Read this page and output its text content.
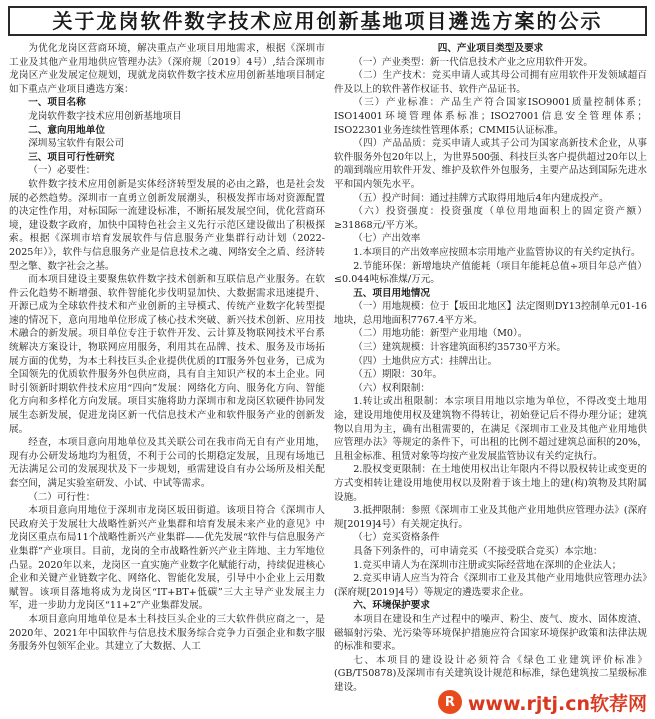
关于龙岗软件数字技术应用创新基地项目遴选方案的公示

为优化龙岗区营商环境，解决重点产业项目用地需求，根据《深圳市工业及其他产业用地供应管理办法》（深府规〔2019〕4号）,结合深圳市龙岗区产业发展定位规划，现就龙岗软件数字技术应用创新基地项目制定如下重点产业项目遴选方案：

一、项目名称

龙岗软件数字技术应用创新基地项目

二、意向用地单位

深圳易宝软件有限公司

三、项目可行性研究

（一）必要性：

软件数字技术应用创新是实体经济转型发展的必由之路，也是社会发展的必然趋势。深圳市一直勇立创新发展潮头，积极发挥市场对资源配置的决定性作用，对标国际一流建设标准，不断拓展发展空间，优化营商环境，建设数字政府，加快中国特色社会主义先行示范区建设做出了积极探索。根据《深圳市培育发展软件与信息服务产业集群行动计划（2022-2025年）》，软件与信息服务产业是信息技术之魂、网络安全之盾、经济转型之擎、数字社会之基。

而本项目建设主要聚焦软件数字技术创新和互联信息产业服务。在软件云化趋势不断增强、软件智能化步伐明显加快、大数据需求迅速提升、开源已成为全球软件技术和产业创新的主导模式、传统产业数字化转型提速的情况下，意向用地单位形成了核心技术突破、新兴技术创新、应用技术融合的新发展。项目单位专注于软件开发、云计算及物联网技术平台系统解决方案设计，物联网应用服务，利用其在品牌、技术、服务及市场拓展方面的优势，为本土科技巨头企业提供优质的IT服务外包业务，已成为全国领先的优质软件服务外包供应商，具有自主知识产权的本土企业。同时引领新时期软件技术应用“四向”发展：网络化方向、服务化方向、智能化方向和多样化方向发展。项目实施将助力深圳市和龙岗区软硬件协同发展生态新发展，促进龙岗区新一代信息技术产业和软件服务产业的创新发展。

经查，本项目意向用地单位及其关联公司在我市尚无自有产业用地，现有办公研发场地均为租赁，不利于公司的长期稳定发展，且现有场地已无法满足公司的发展现状及下一步规划，亟需建设自有办公场所及相关配套空间，满足实验室研发、小试、中试等需求。

（二）可行性：

本项目意向用地位于深圳市龙岗区坂田街道。该项目符合《深圳市人民政府关于发展壮大战略性新兴产业集群和培育发展未来产业的意见》中龙岗区重点布局11个战略性新兴产业集群——优先发展“软件与信息服务产业集群”产业项目。目前，龙岗的全市战略性新兴产业主阵地、主力军地位凸显。2020年以来，龙岗区一直实施产业数字化赋能行动，持续促进核心企业和关键产业链数字化、网络化、智能化发展，引导中小企业上云用数赋智。该项目落地将成为龙岗区“IT+BT+低碳”三大主导产业发展主力军，进一步助力龙岗区“11+2”产业集群发展。

本项目意向用地单位是本土科技巨头企业的三大软件供应商之一，是2020年、2021年中国软件与信息技术服务综合竞争力百强企业和数字服务服务外包领军企业。其建立了大数据、人工

四、产业项目类型及要求

（一）产业类型：新一代信息技术产业之应用软件开发。

（二）生产技术：竞买申请人或其母公司拥有应用软件开发领域超百件及以上的软件著作权证书、软件产品证书。

（三）产业标准：产品生产符合国家ISO9001质量控制体系；ISO14001环境管理体系标准；ISO27001信息安全管理体系；ISO22301业务连续性管理体系；CMMI5认证标准。

（四）产品品质：竞买申请人或其子公司为国家高新技术企业，从事软件服务外包20年以上，为世界500强、科技巨头客户提供超过20年以上的端到端应用软件开发、维护及软件外包服务，主要产品达到国际先进水平和国内领先水平。

（五）投产时间：通过挂牌方式取得用地后4年内建成投产。

（六）投资强度：投资强度（单位用地面积上的固定资产额）≥31868元/平方米。

（七）产出效率

1.本项目的产出效率应按照本宗用地产业监管协议的有关约定执行。

2.节能环保：新增地块产值能耗（项目年能耗总值÷项目年总产值）≤0.044吨标准煤/万元。

五、项目用地情况

（一）用地规模：位于【坂田北地区】法定图则DY13控制单元01-16地块，总用地面积7767.4平方米。

（二）用地功能：新型产业用地（M0）。

（三）建筑规模：计容建筑面积约35730平方米。

（四）土地供应方式：挂牌出让。

（五）期限：30年。

（六）权利限制：

1.转让或出租限制：本宗项目用地以宗地为单位，不得改变土地用途，建设用地使用权及建筑物不得转让，初始登记后不得办理分证；建筑物以自用为主，确有出租需要的，在满足《深圳市工业及其他产业用地供应管理办法》等规定的条件下，可出租的比例不超过建筑总面积的20%，且租金标准、租赁对象等均按产业发展监管协议有关约定执行。

2.股权变更限制：在土地使用权出让年限内不得以股权转让或变更的方式变相转让建设用地使用权以及附着于该土地上的建(构)筑物及其附属设施。

3.抵押限制：参照《深圳市工业及其他产业用地供应管理办法》(深府规[2019]4号）有关规定执行。

（七）竞买资格条件

具备下列条件的，可申请竞买（不接受联合竞买）本宗地：

1.竞买申请人为在深圳市注册或实际经营地在深圳的企业法人；

2.竞买申请人应当为符合《深圳市工业及其他产业用地供应管理办法》(深府规[2019]4号）等规定的遴选要求企业。

六、环境保护要求

本项目在建设和生产过程中的噪声、粉尘、废气、废水、固体废渣、磁辐射污染、光污染等环境保护措施应符合国家环境保护政策和法律法规的标准和要求。

七、本项目的建设设计必须符合《绿色工业建筑评价标准》(GB/T50878)及深圳市有关建筑设计规范和标准，绿色建筑按二星级标准建设。

R www.rjtj.cn软荐网
